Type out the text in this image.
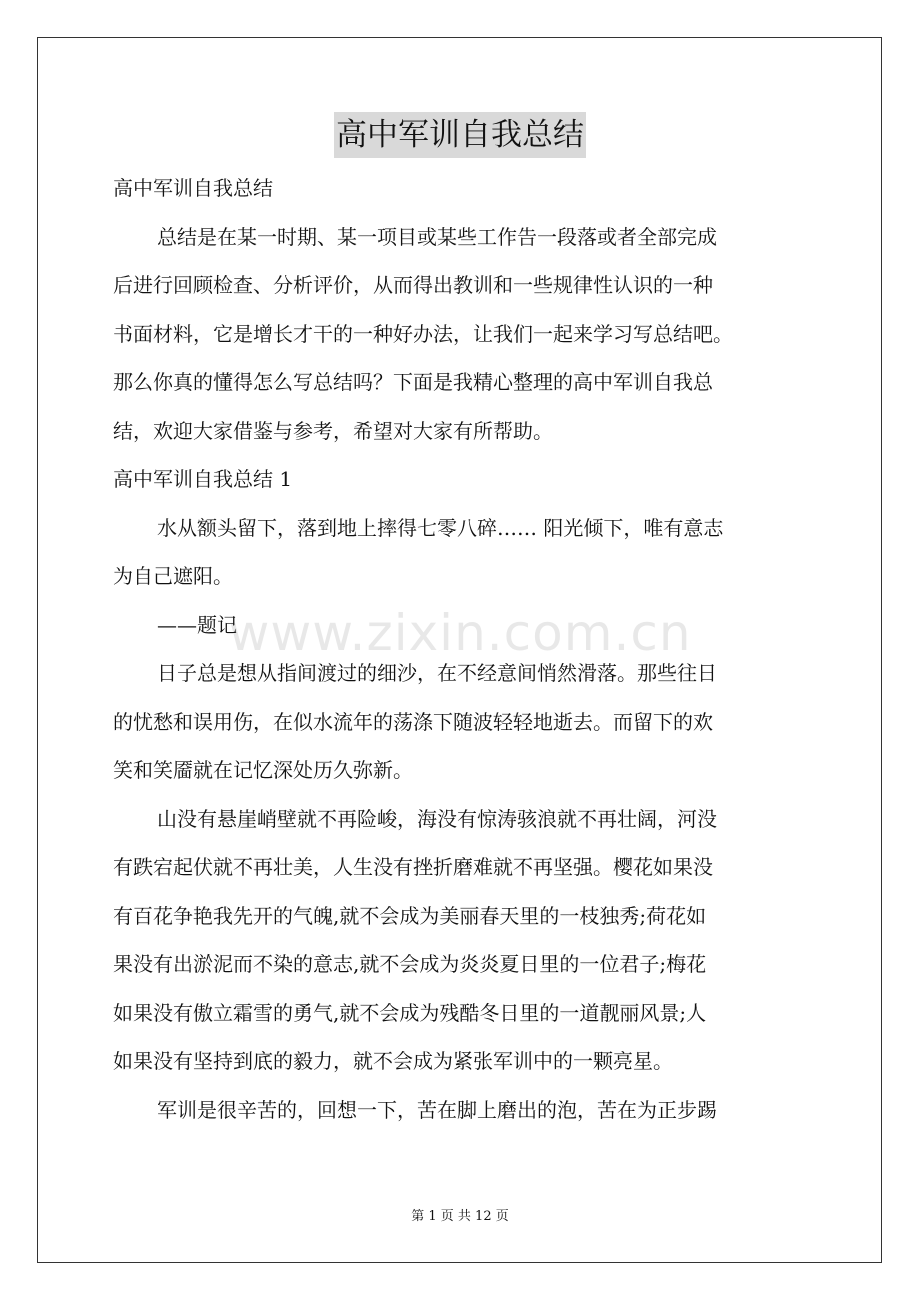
www.zixin.com.cn
高中军训自我总结
高中军训自我总结
总结是在某一时期、某一项目或某些工作告一段落或者全部完成
后进行回顾检查、分析评价，从而得出教训和一些规律性认识的一种
书面材料，它是增长才干的一种好办法，让我们一起来学习写总结吧。
那么你真的懂得怎么写总结吗？下面是我精心整理的高中军训自我总
结，欢迎大家借鉴与参考，希望对大家有所帮助。
高中军训自我总结 1
水从额头留下，落到地上摔得七零八碎…… 阳光倾下，唯有意志
为自己遮阳。
——题记
日子总是想从指间渡过的细沙，在不经意间悄然滑落。那些往日
的忧愁和误用伤，在似水流年的荡涤下随波轻轻地逝去。而留下的欢
笑和笑靥就在记忆深处历久弥新。
山没有悬崖峭壁就不再险峻，海没有惊涛骇浪就不再壮阔，河没
有跌宕起伏就不再壮美，人生没有挫折磨难就不再坚强。樱花如果没
有百花争艳我先开的气魄,就不会成为美丽春天里的一枝独秀;荷花如
果没有出淤泥而不染的意志,就不会成为炎炎夏日里的一位君子;梅花
如果没有傲立霜雪的勇气,就不会成为残酷冬日里的一道靓丽风景;人
如果没有坚持到底的毅力，就不会成为紧张军训中的一颗亮星。
军训是很辛苦的，回想一下，苦在脚上磨出的泡，苦在为正步踢
第 1 页 共 12 页
